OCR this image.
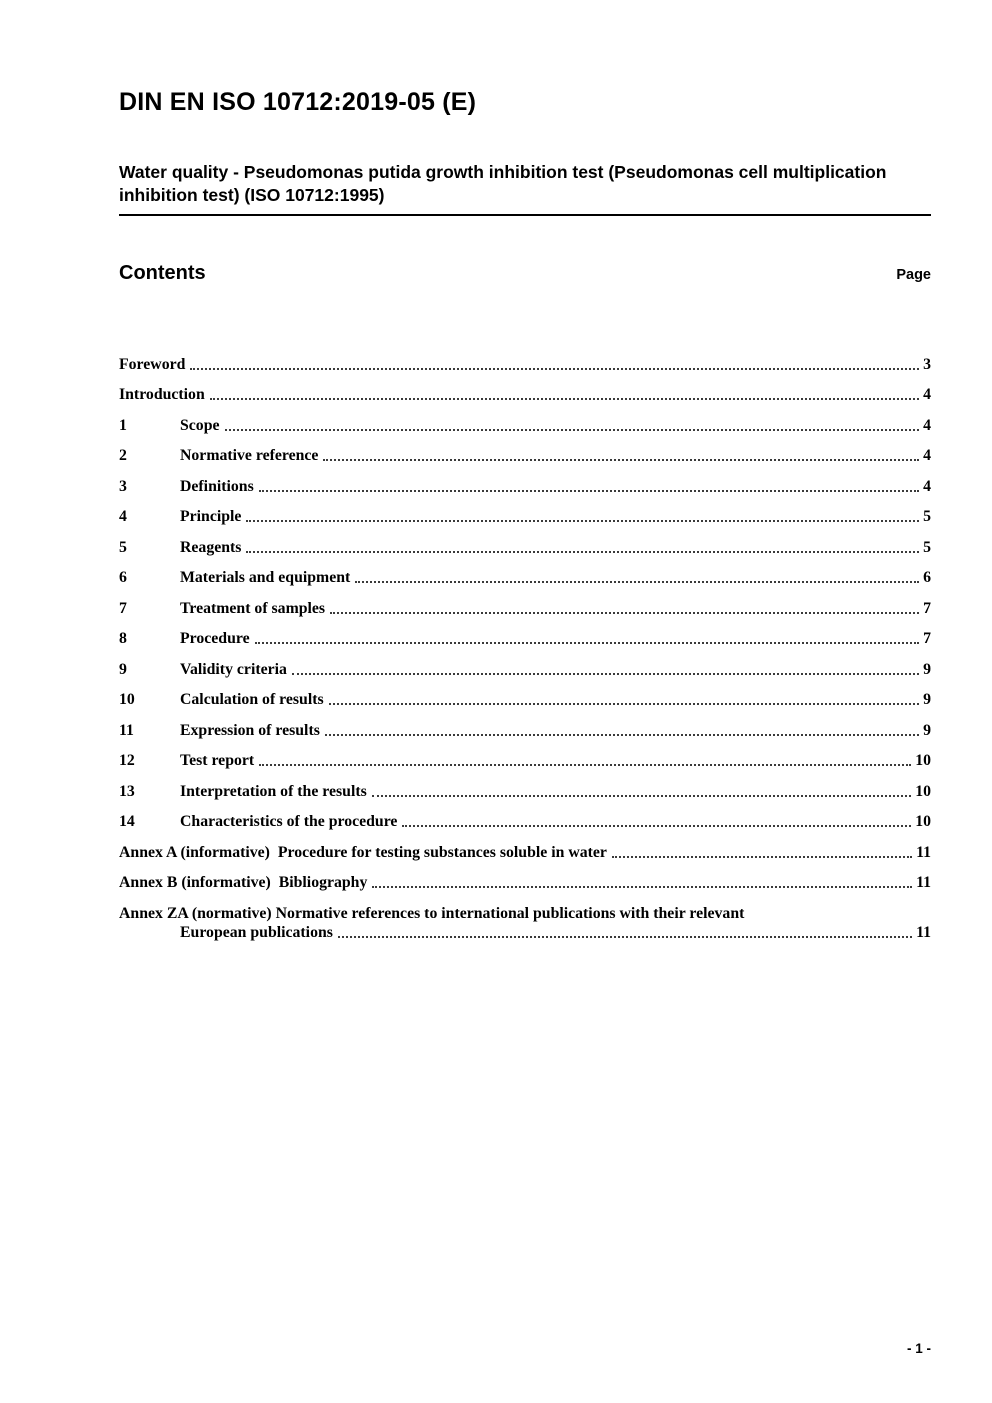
DIN EN ISO 10712:2019-05 (E)
Water quality - Pseudomonas putida growth inhibition test (Pseudomonas cell multiplication inhibition test) (ISO 10712:1995)
Contents	Page
Foreword	3
Introduction	4
1	Scope	4
2	Normative reference	4
3	Definitions	4
4	Principle	5
5	Reagents	5
6	Materials and equipment	6
7	Treatment of samples	7
8	Procedure	7
9	Validity criteria	9
10	Calculation of results	9
11	Expression of results	9
12	Test report	10
13	Interpretation of the results	10
14	Characteristics of the procedure	10
Annex A (informative)  Procedure for testing substances soluble in water	11
Annex B (informative)  Bibliography	11
Annex ZA (normative) Normative references to international publications with their relevant
European publications	11
- 1 -
